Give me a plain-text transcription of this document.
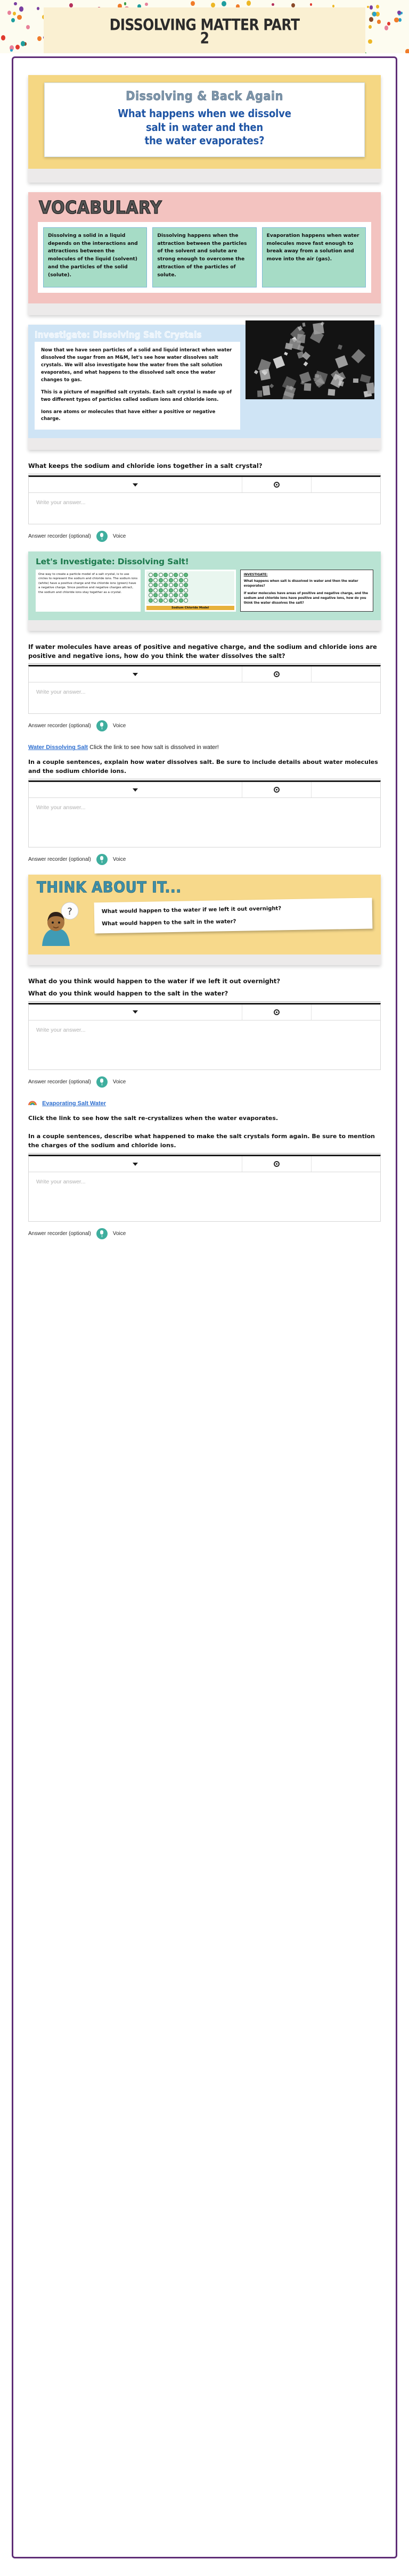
DISSOLVING MATTER PART
2
Dissolving & Back Again
What happens when we dissolve
salt in water and then
the water evaporates?
VOCABULARY
Dissolving a solid in a liquid depends on the interactions and attractions between the molecules of the liquid (solvent) and the particles of the solid (solute).
Dissolving happens when the attraction between the particles of the solvent and solute are strong enough to overcome the attraction of the particles of solute.
Evaporation happens when water molecules move fast enough to break away from a solution and move into the air (gas).
Investigate: Dissolving Salt Crystals

Now that we have seen particles of a solid and liquid interact when water dissolved the sugar from an M&M, let's see how water dissolves salt crystals. We will also investigate how the water from the salt solution evaporates, and what happens to the dissolved salt once the water changes to gas.

This is a picture of magnified salt crystals. Each salt crystal is made up of two different types of particles called sodium ions and chloride ions.

Ions are atoms or molecules that have either a positive or negative charge.

What keeps the sodium and chloride ions together in a salt crystal?
Write your answer...
Answer recorder (optional)	Voice
Let's Investigate: Dissolving Salt!
One way to create a particle model of a salt crystal, is to use circles to represent the sodium and chloride ions. The sodium ions (white) have a positive charge and the chloride ions (green) have a negative charge. Since positive and negative charges attract, the sodium and chloride ions stay together as a crystal.
Sodium Chloride Model
INVESTIGATE:

What happens when salt is dissolved in water and then the water evaporates?

If water molecules have areas of positive and negative charge, and the sodium and chloride ions have positive and negative ions, how do you think the water dissolves the salt?

If water molecules have areas of positive and negative charge, and the sodium and chloride ions are positive and negative ions, how do you think the water dissolves the salt?
Write your answer...
Answer recorder (optional)	Voice
Water Dissolving Salt Click the link to see how salt is dissolved in water!
In a couple sentences, explain how water dissolves salt. Be sure to include details about water molecules and the sodium chloride ions.
Write your answer...
Answer recorder (optional)	Voice
THINK ABOUT IT...
?	What would happen to the water if we left it out overnight?

What would happen to the salt in the water?

What do you think would happen to the water if we left it out overnight?
What do you think would happen to the salt in the water?
Write your answer...
Answer recorder (optional)	Voice
Evaporating Salt Water
Click the link to see how the salt re-crystalizes when the water evaporates.
In a couple sentences, describe what happened to make the salt crystals form again. Be sure to mention the charges of the sodium and chloride ions.
Write your answer...
Answer recorder (optional)	Voice
